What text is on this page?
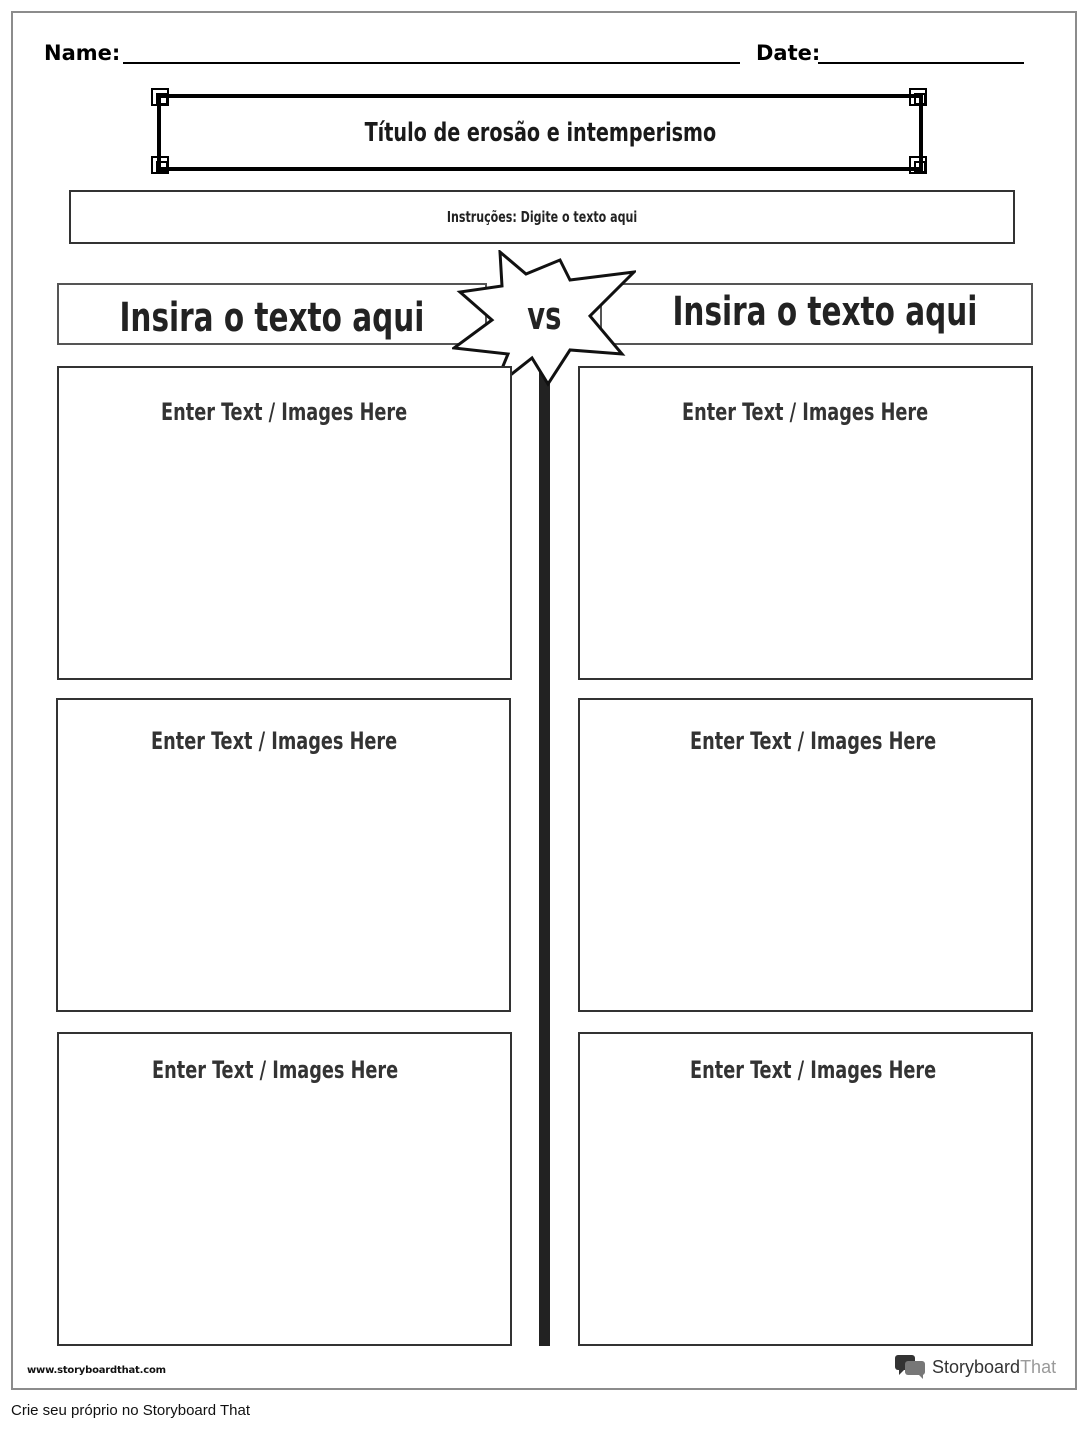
Name:	Date:
Título de erosão e intemperismo
Instruções: Digite o texto aqui
Insira o texto aqui	Insira o texto aqui
vs
Enter Text / Images Here
Enter Text / Images Here
Enter Text / Images Here
Enter Text / Images Here
Enter Text / Images Here
Enter Text / Images Here
www.storyboardthat.com	StoryboardThat
Crie seu próprio no Storyboard That
